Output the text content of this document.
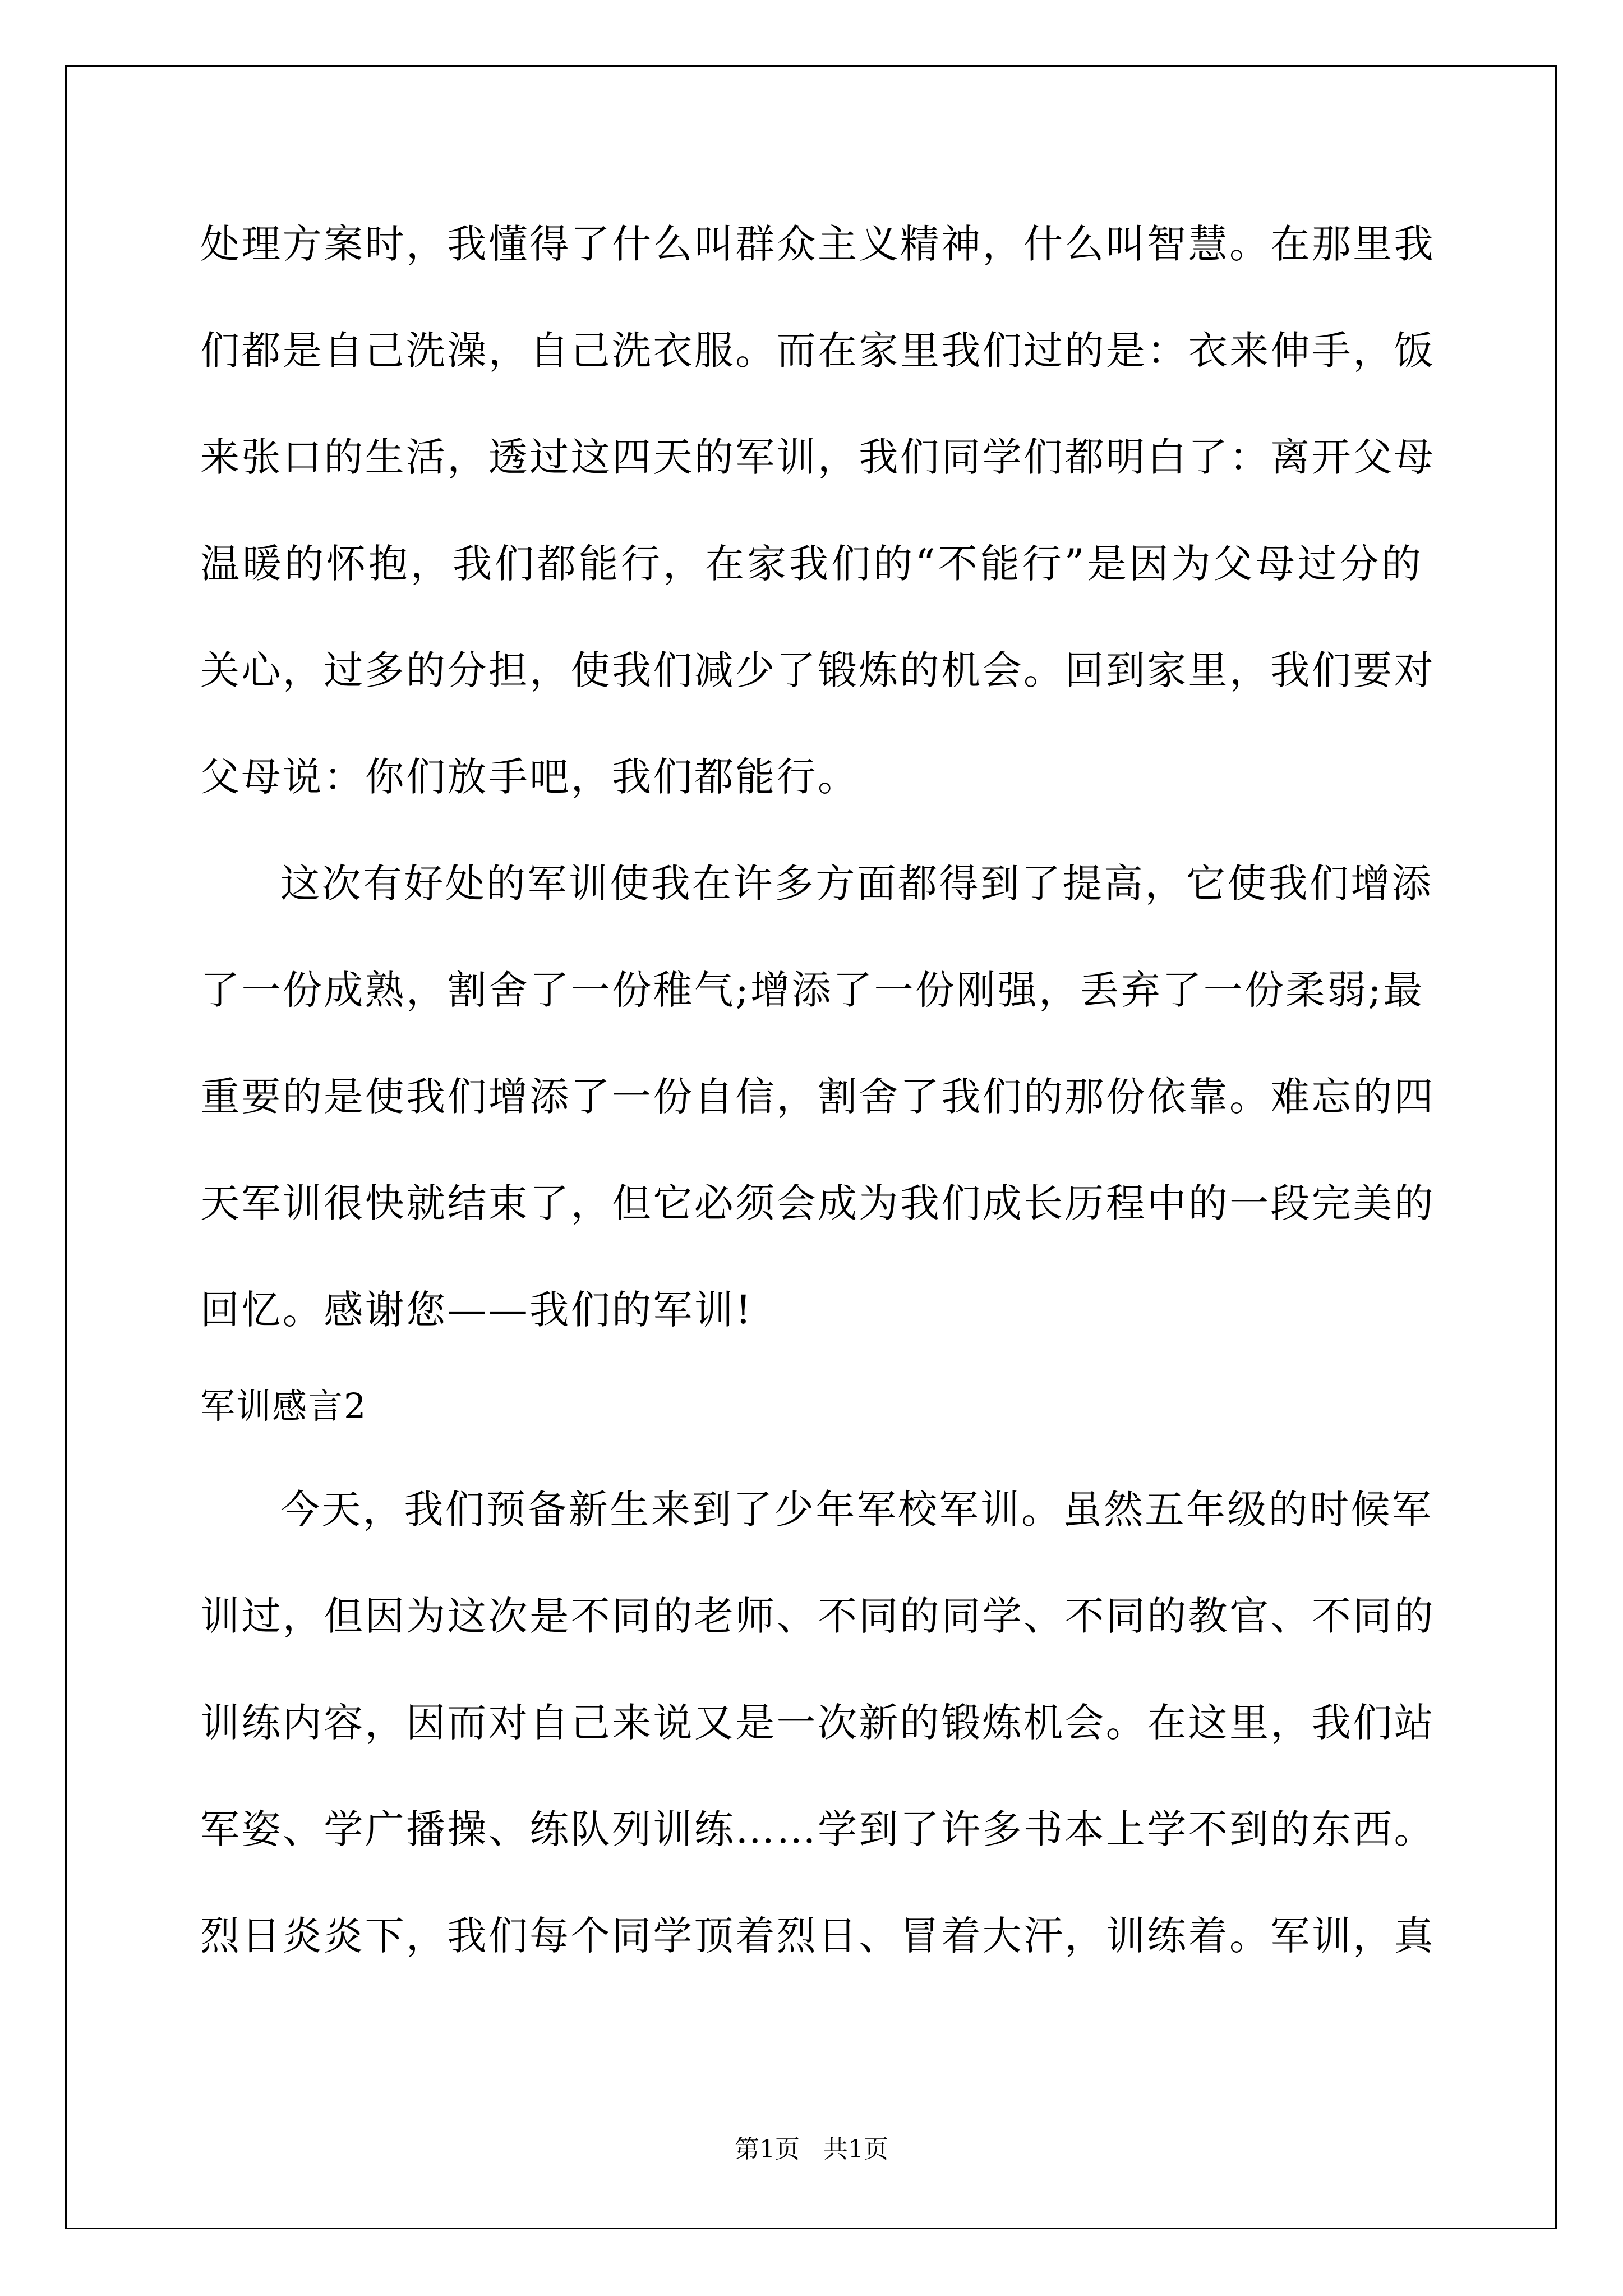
处理方案时，我懂得了什么叫群众主义精神，什么叫智慧。在那里我
们都是自己洗澡，自己洗衣服。而在家里我们过的是：衣来伸手，饭
来张口的生活，透过这四天的军训，我们同学们都明白了：离开父母
温暖的怀抱，我们都能行，在家我们的“不能行”是因为父母过分的
关心，过多的分担，使我们减少了锻炼的机会。回到家里，我们要对
父母说：你们放手吧，我们都能行。
这次有好处的军训使我在许多方面都得到了提高，它使我们增添
了一份成熟，割舍了一份稚气;增添了一份刚强，丢弃了一份柔弱;最
重要的是使我们增添了一份自信，割舍了我们的那份依靠。难忘的四
天军训很快就结束了，但它必须会成为我们成长历程中的一段完美的
回忆。感谢您——我们的军训!
军训感言2
今天，我们预备新生来到了少年军校军训。虽然五年级的时候军
训过，但因为这次是不同的老师、不同的同学、不同的教官、不同的
训练内容，因而对自己来说又是一次新的锻炼机会。在这里，我们站
军姿、学广播操、练队列训练……学到了许多书本上学不到的东西。
烈日炎炎下，我们每个同学顶着烈日、冒着大汗，训练着。军训，真
第1页   共1页
